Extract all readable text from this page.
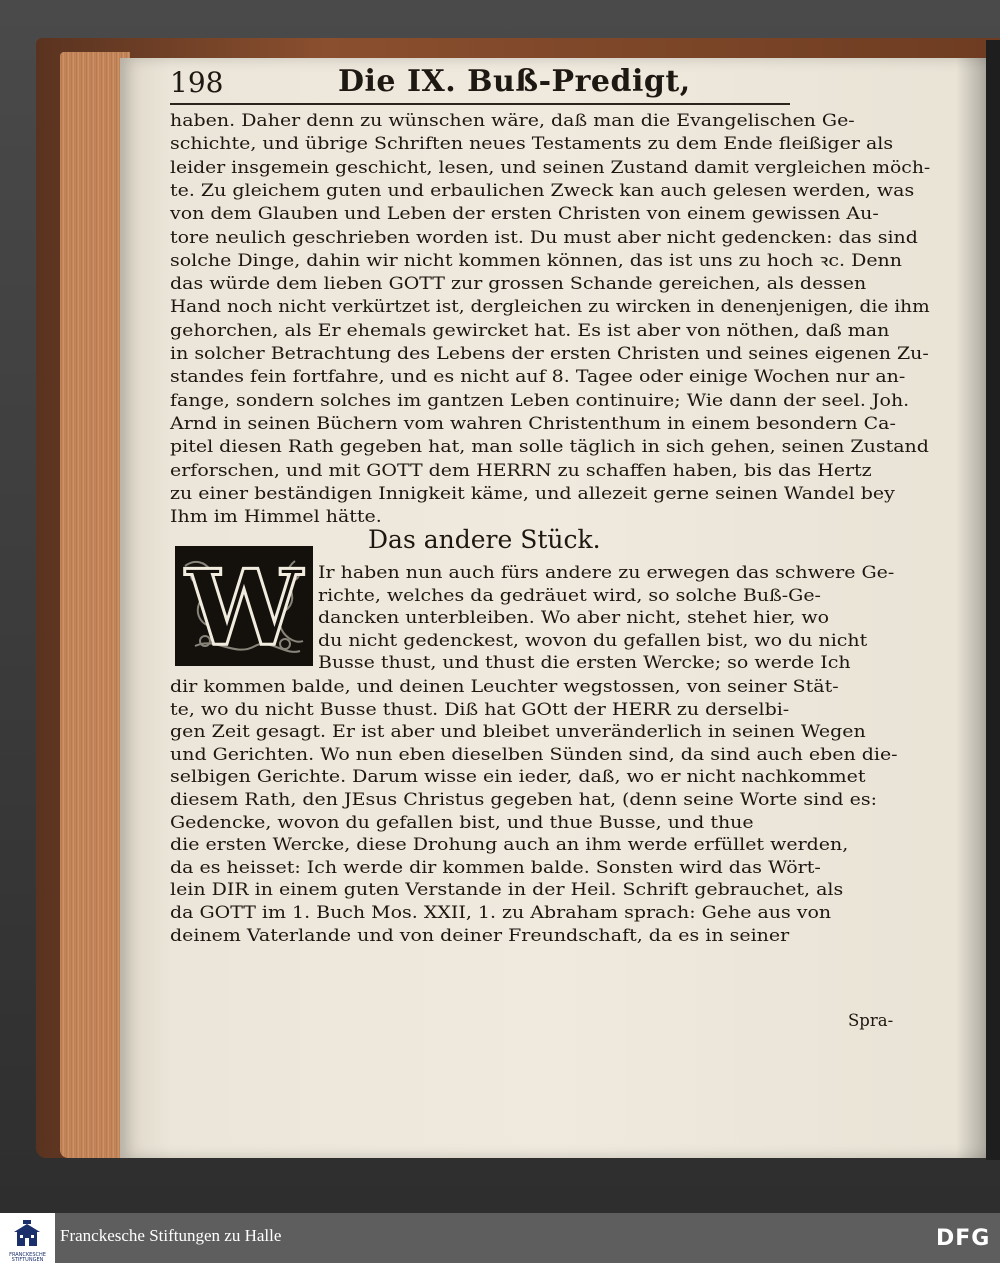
198	Die IX. Buß-Predigt,
haben. Daher denn zu wünschen wäre, daß man die Evangelischen Ge-
schichte, und übrige Schriften neues Testaments zu dem Ende fleißiger als
leider insgemein geschicht, lesen, und seinen Zustand damit vergleichen möch-
te. Zu gleichem guten und erbaulichen Zweck kan auch gelesen werden, was
von dem Glauben und Leben der ersten Christen von einem gewissen Au-
tore neulich geschrieben worden ist. Du must aber nicht gedencken: das sind
solche Dinge, dahin wir nicht kommen können, das ist uns zu hoch ꝛc. Denn
das würde dem lieben GOTT zur grossen Schande gereichen, als dessen
Hand noch nicht verkürtzet ist, dergleichen zu wircken in denenjenigen, die ihm
gehorchen, als Er ehemals gewircket hat. Es ist aber von nöthen, daß man
in solcher Betrachtung des Lebens der ersten Christen und seines eigenen Zu-
standes fein fortfahre, und es nicht auf 8. Tagee oder einige Wochen nur an-
fange, sondern solches im gantzen Leben continuire; Wie dann der seel. Joh.
Arnd in seinen Büchern vom wahren Christenthum in einem besondern Ca-
pitel diesen Rath gegeben hat, man solle täglich in sich gehen, seinen Zustand
erforschen, und mit GOTT dem HERRN zu schaffen haben, bis das Hertz
zu einer beständigen Innigkeit käme, und allezeit gerne seinen Wandel bey
Ihm im Himmel hätte.
Das andere Stück.
W Ir haben nun auch fürs andere zu erwegen das schwere Ge-
richte, welches da gedräuet wird, so solche Buß-Ge-
dancken unterbleiben. Wo aber nicht, stehet hier, wo
du nicht gedenckest, wovon du gefallen bist, wo du nicht
Busse thust, und thust die ersten Wercke; so werde Ich
dir kommen balde, und deinen Leuchter wegstossen, von seiner Stät-
te, wo du nicht Busse thust. Diß hat GOtt der HERR zu derselbi-
gen Zeit gesagt. Er ist aber und bleibet unveränderlich in seinen Wegen
und Gerichten. Wo nun eben dieselben Sünden sind, da sind auch eben die-
selbigen Gerichte. Darum wisse ein ieder, daß, wo er nicht nachkommet
diesem Rath, den JEsus Christus gegeben hat, (denn seine Worte sind es:
Gedencke, wovon du gefallen bist, und thue Busse, und thue
die ersten Wercke, diese Drohung auch an ihm werde erfüllet werden,
da es heisset: Ich werde dir kommen balde. Sonsten wird das Wört-
lein DIR in einem guten Verstande in der Heil. Schrift gebrauchet, als
da GOTT im 1. Buch Mos. XXII, 1. zu Abraham sprach: Gehe aus von
deinem Vaterlande und von deiner Freundschaft, da es in seiner
Spra-
FRANCKESCHE
STIFTUNGEN
Franckesche Stiftungen zu Halle	DFG
